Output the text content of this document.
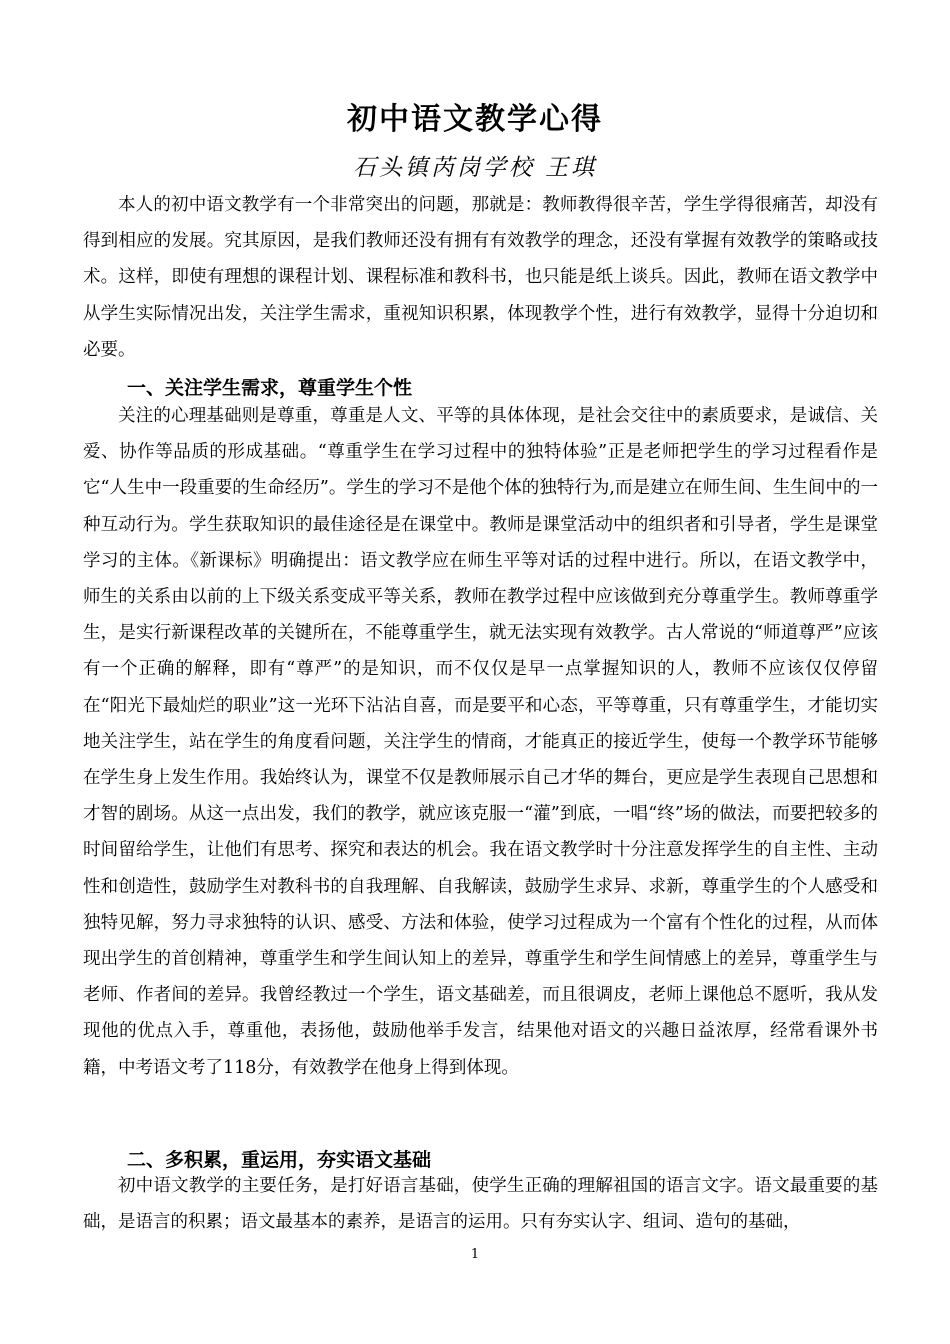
初中语文教学心得
石头镇芮岗学校 王琪

本人的初中语文教学有一个非常突出的问题，那就是：教师教得很辛苦，学生学得很痛苦，却没有得到相应的发展。究其原因，是我们教师还没有拥有有效教学的理念，还没有掌握有效教学的策略或技术。这样，即使有理想的课程计划、课程标准和教科书，也只能是纸上谈兵。因此，教师在语文教学中从学生实际情况出发，关注学生需求，重视知识积累，体现教学个性，进行有效教学，显得十分迫切和必要。

一、关注学生需求，尊重学生个性

关注的心理基础则是尊重，尊重是人文、平等的具体体现，是社会交往中的素质要求，是诚信、关爱、协作等品质的形成基础。“尊重学生在学习过程中的独特体验”正是老师把学生的学习过程看作是它“人生中一段重要的生命经历”。学生的学习不是他个体的独特行为,而是建立在师生间、生生间中的一种互动行为。学生获取知识的最佳途径是在课堂中。教师是课堂活动中的组织者和引导者，学生是课堂学习的主体。《新课标》明确提出：语文教学应在师生平等对话的过程中进行。所以，在语文教学中，师生的关系由以前的上下级关系变成平等关系，教师在教学过程中应该做到充分尊重学生。教师尊重学生，是实行新课程改革的关键所在，不能尊重学生，就无法实现有效教学。古人常说的“师道尊严”应该有一个正确的解释，即有“尊严”的是知识，而不仅仅是早一点掌握知识的人，教师不应该仅仅停留在“阳光下最灿烂的职业”这一光环下沾沾自喜，而是要平和心态，平等尊重，只有尊重学生，才能切实地关注学生，站在学生的角度看问题，关注学生的情商，才能真正的接近学生，使每一个教学环节能够在学生身上发生作用。我始终认为，课堂不仅是教师展示自己才华的舞台，更应是学生表现自己思想和才智的剧场。从这一点出发，我们的教学，就应该克服一“灌”到底，一唱“终”场的做法，而要把较多的时间留给学生，让他们有思考、探究和表达的机会。我在语文教学时十分注意发挥学生的自主性、主动性和创造性，鼓励学生对教科书的自我理解、自我解读，鼓励学生求异、求新，尊重学生的个人感受和独特见解，努力寻求独特的认识、感受、方法和体验，使学习过程成为一个富有个性化的过程，从而体现出学生的首创精神，尊重学生和学生间认知上的差异，尊重学生和学生间情感上的差异，尊重学生与老师、作者间的差异。我曾经教过一个学生，语文基础差，而且很调皮，老师上课他总不愿听，我从发现他的优点入手，尊重他，表扬他，鼓励他举手发言，结果他对语文的兴趣日益浓厚，经常看课外书籍，中考语文考了118分，有效教学在他身上得到体现。

二、多积累，重运用，夯实语文基础

初中语文教学的主要任务，是打好语言基础，使学生正确的理解祖国的语言文字。语文最重要的基础，是语言的积累；语文最基本的素养，是语言的运用。只有夯实认字、组词、造句的基础，

1
